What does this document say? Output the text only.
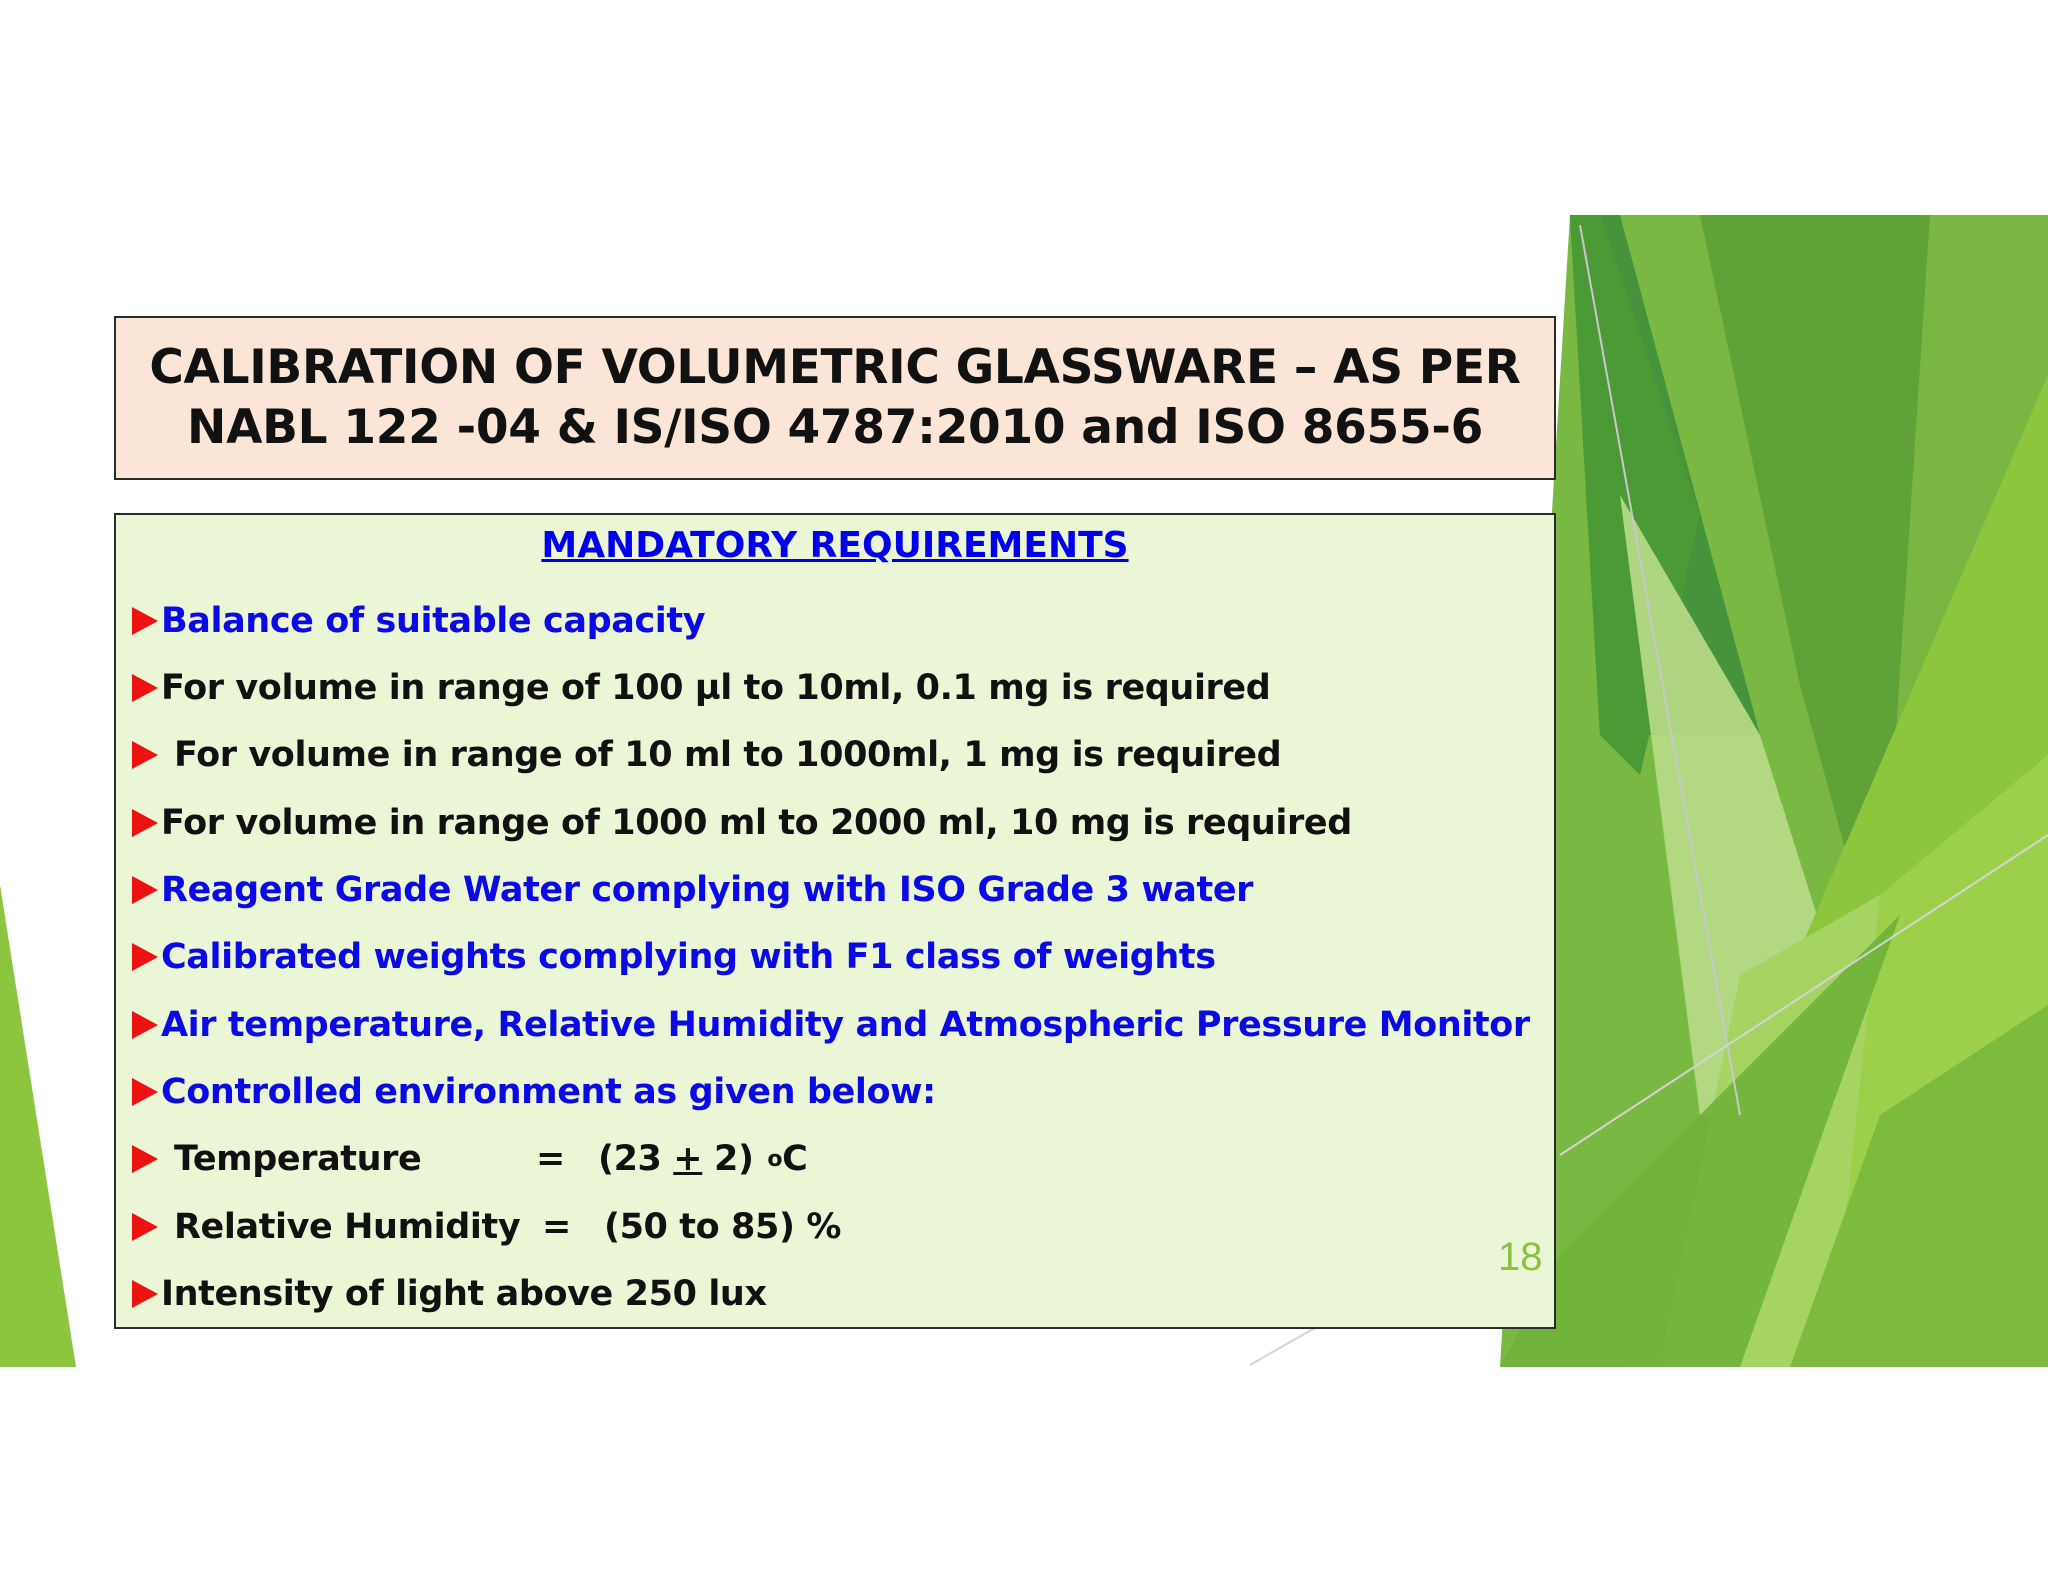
CALIBRATION OF VOLUMETRIC GLASSWARE – AS PER
NABL 122 -04 & IS/ISO 4787:2010 and ISO 8655-6
MANDATORY REQUIREMENTS
Balance of suitable capacity
For volume in range of 100 µl to 10ml, 0.1 mg is required
For volume in range of 10 ml to 1000ml, 1 mg is required
For volume in range of 1000 ml to 2000 ml, 10 mg is required
Reagent Grade Water complying with ISO Grade 3 water
Calibrated weights complying with F1 class of weights
Air temperature, Relative Humidity and Atmospheric Pressure Monitor
Controlled environment as given below:
Temperature	= (23 + 2) o C
Relative Humidity = (50 to 85) %
Intensity of light above 250 lux
18
